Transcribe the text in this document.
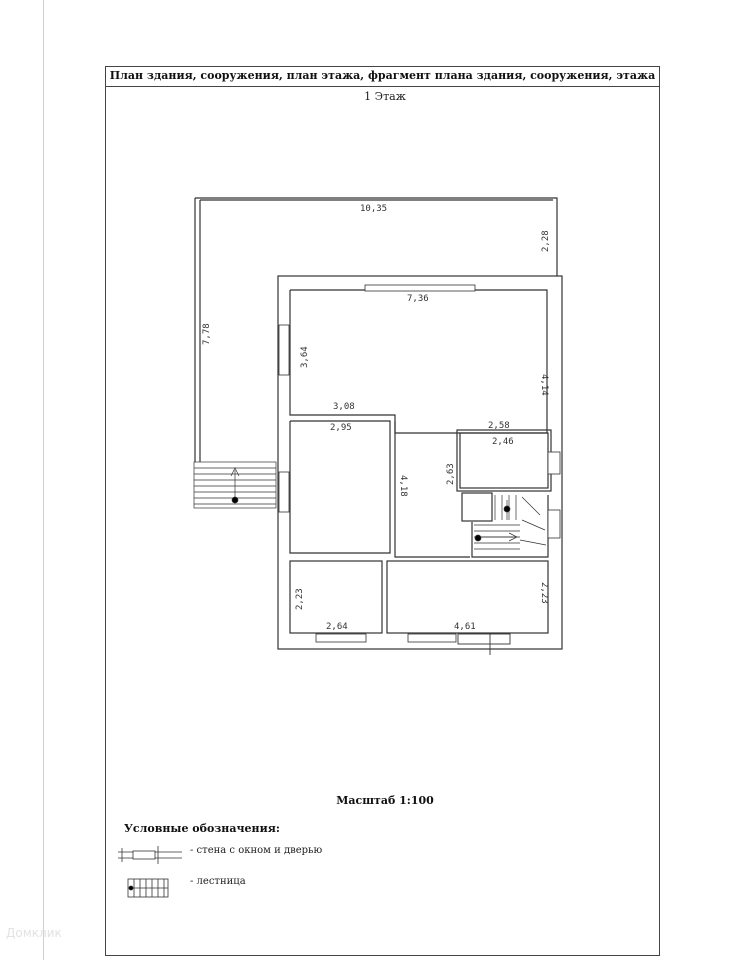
План здания, сооружения, план этажа, фрагмент плана здания, сооружения, этажа
1 Этаж
10,35
2,28
7,78
7,36
3,64
4,14
3,08
2,95
4,18
2,58
2,46
2,63
2,23
2,64	4,61
2,23
Масштаб 1:100
Условные обозначения:
- стена с окном и дверью
- лестница
Домклик
